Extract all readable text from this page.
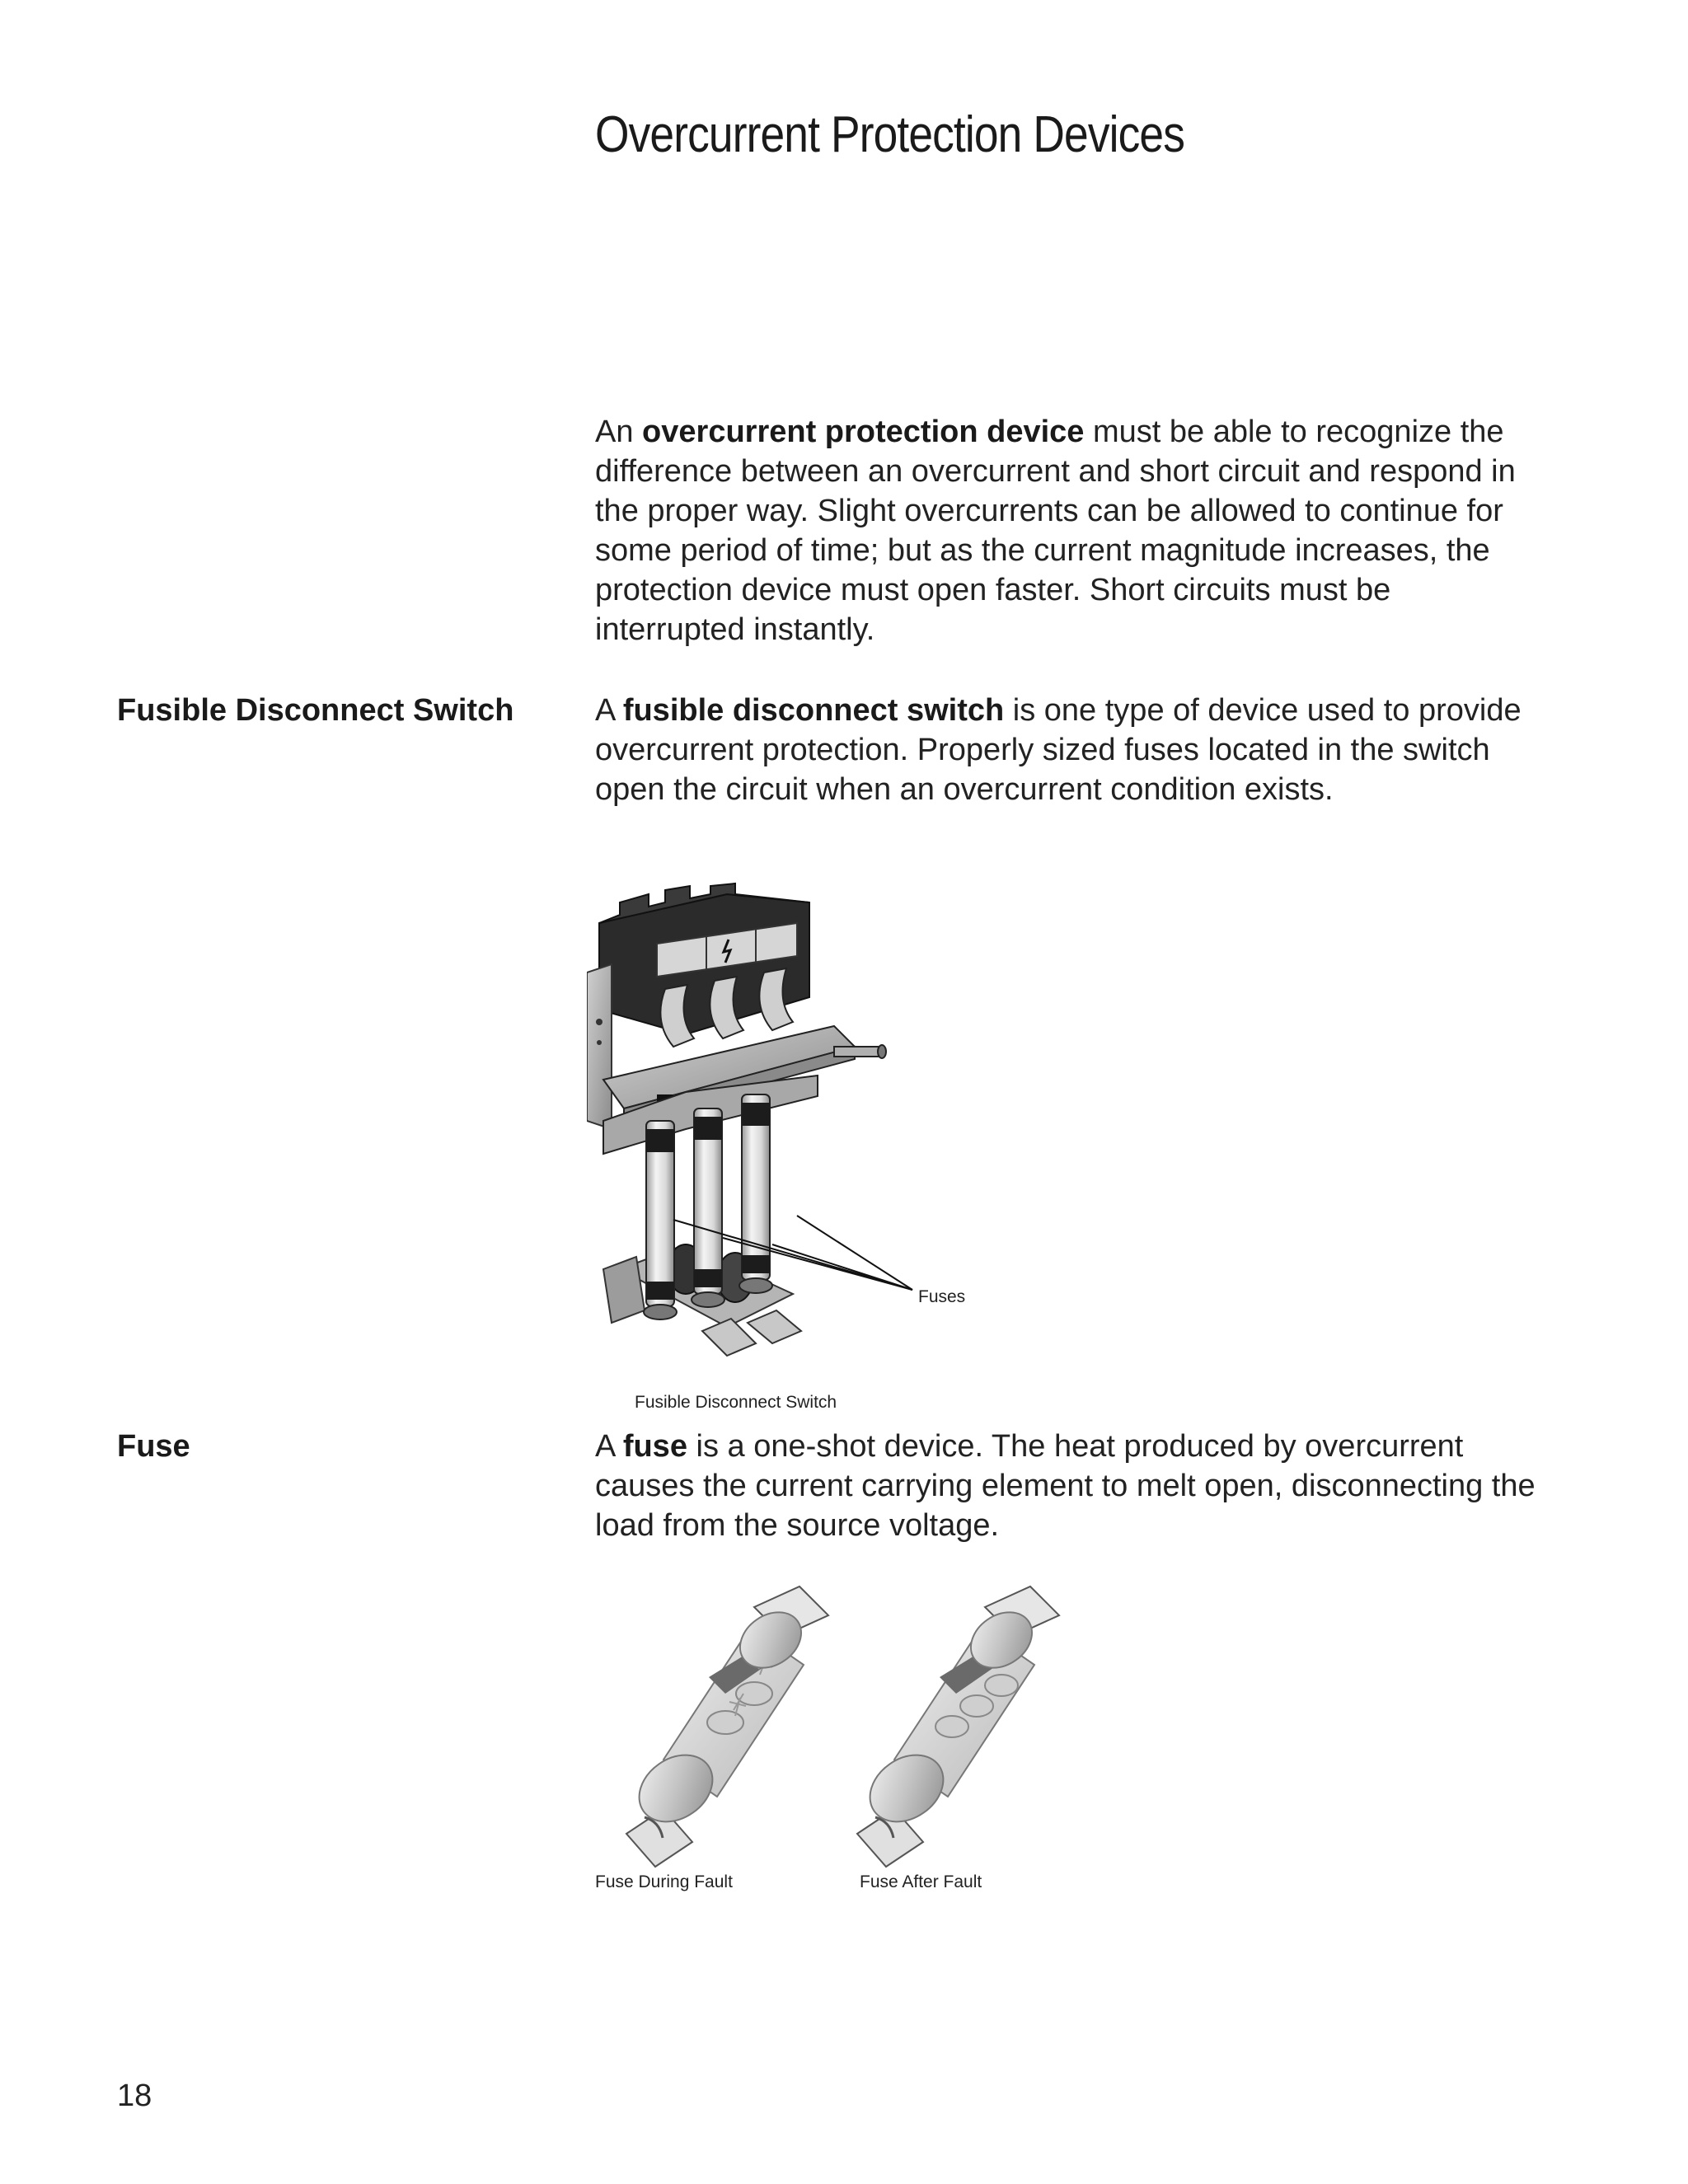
Overcurrent Protection Devices

An overcurrent protection device must be able to recognize the difference between an overcurrent and short circuit and respond in the proper way. Slight overcurrents can be allowed to continue for some period of time; but as the current magnitude increases, the protection device must open faster. Short circuits must be interrupted instantly.

Fusible Disconnect Switch	A fusible disconnect switch is one type of device used to provide overcurrent protection. Properly sized fuses located in the switch open the circuit when an overcurrent condition exists.

Fuses
Fusible Disconnect Switch
Fuse	A fuse is a one-shot device. The heat produced by overcurrent causes the current carrying element to melt open, disconnecting the load from the source voltage.

Fuse During Fault	Fuse After Fault
18
